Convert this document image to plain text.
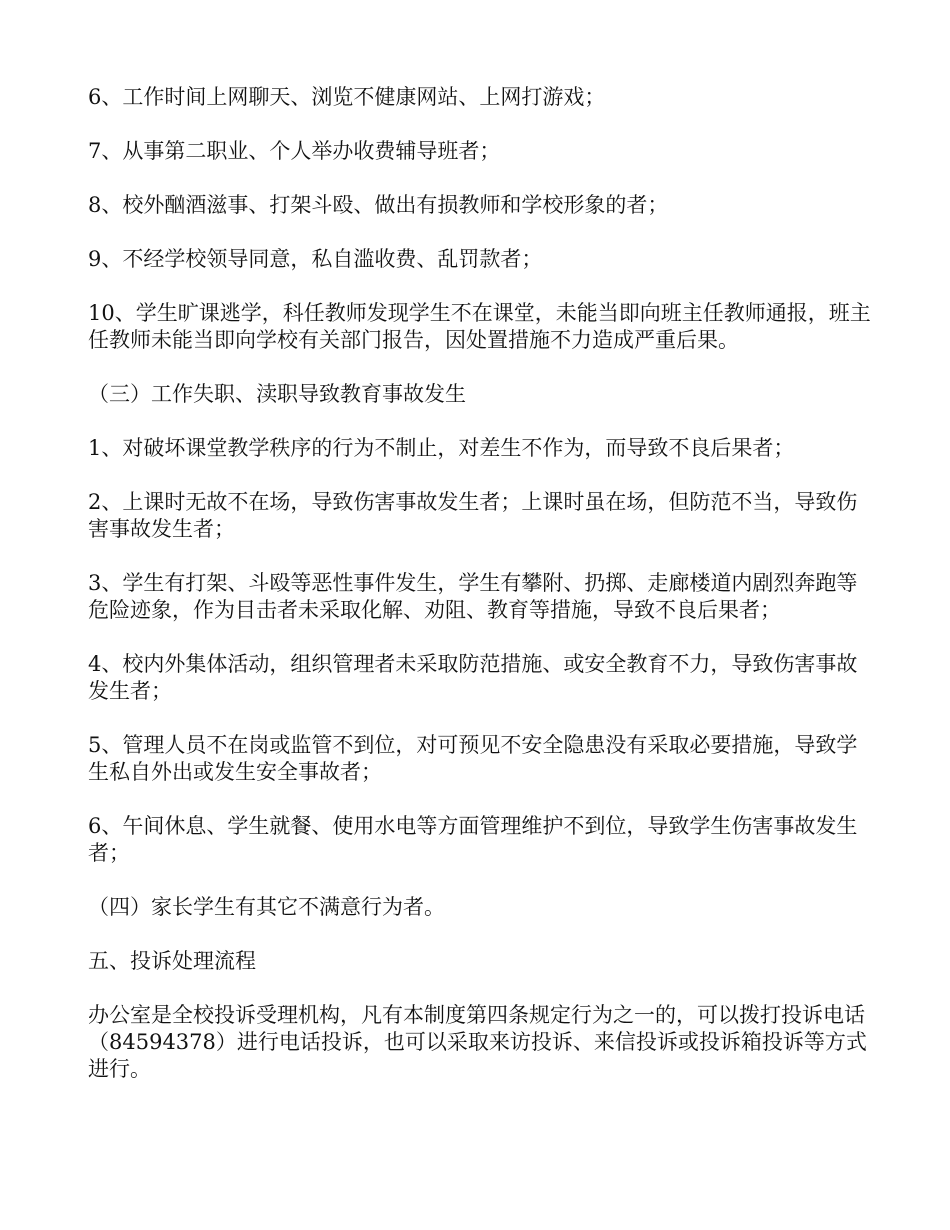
6、工作时间上网聊天、浏览不健康网站、上网打游戏；

7、从事第二职业、个人举办收费辅导班者；

8、校外酗酒滋事、打架斗殴、做出有损教师和学校形象的者；

9、不经学校领导同意，私自滥收费、乱罚款者；

10、学生旷课逃学，科任教师发现学生不在课堂，未能当即向班主任教师通报，班主任教师未能当即向学校有关部门报告，因处置措施不力造成严重后果。

（三）工作失职、渎职导致教育事故发生

1、对破坏课堂教学秩序的行为不制止，对差生不作为，而导致不良后果者；

2、上课时无故不在场，导致伤害事故发生者；上课时虽在场，但防范不当，导致伤害事故发生者；

3、学生有打架、斗殴等恶性事件发生，学生有攀附、扔掷、走廊楼道内剧烈奔跑等危险迹象，作为目击者未采取化解、劝阻、教育等措施，导致不良后果者；

4、校内外集体活动，组织管理者未采取防范措施、或安全教育不力，导致伤害事故发生者；

5、管理人员不在岗或监管不到位，对可预见不安全隐患没有采取必要措施，导致学生私自外出或发生安全事故者；

6、午间休息、学生就餐、使用水电等方面管理维护不到位，导致学生伤害事故发生者；

（四）家长学生有其它不满意行为者。

五、投诉处理流程

办公室是全校投诉受理机构，凡有本制度第四条规定行为之一的，可以拨打投诉电话（84594378）进行电话投诉，也可以采取来访投诉、来信投诉或投诉箱投诉等方式进行。
